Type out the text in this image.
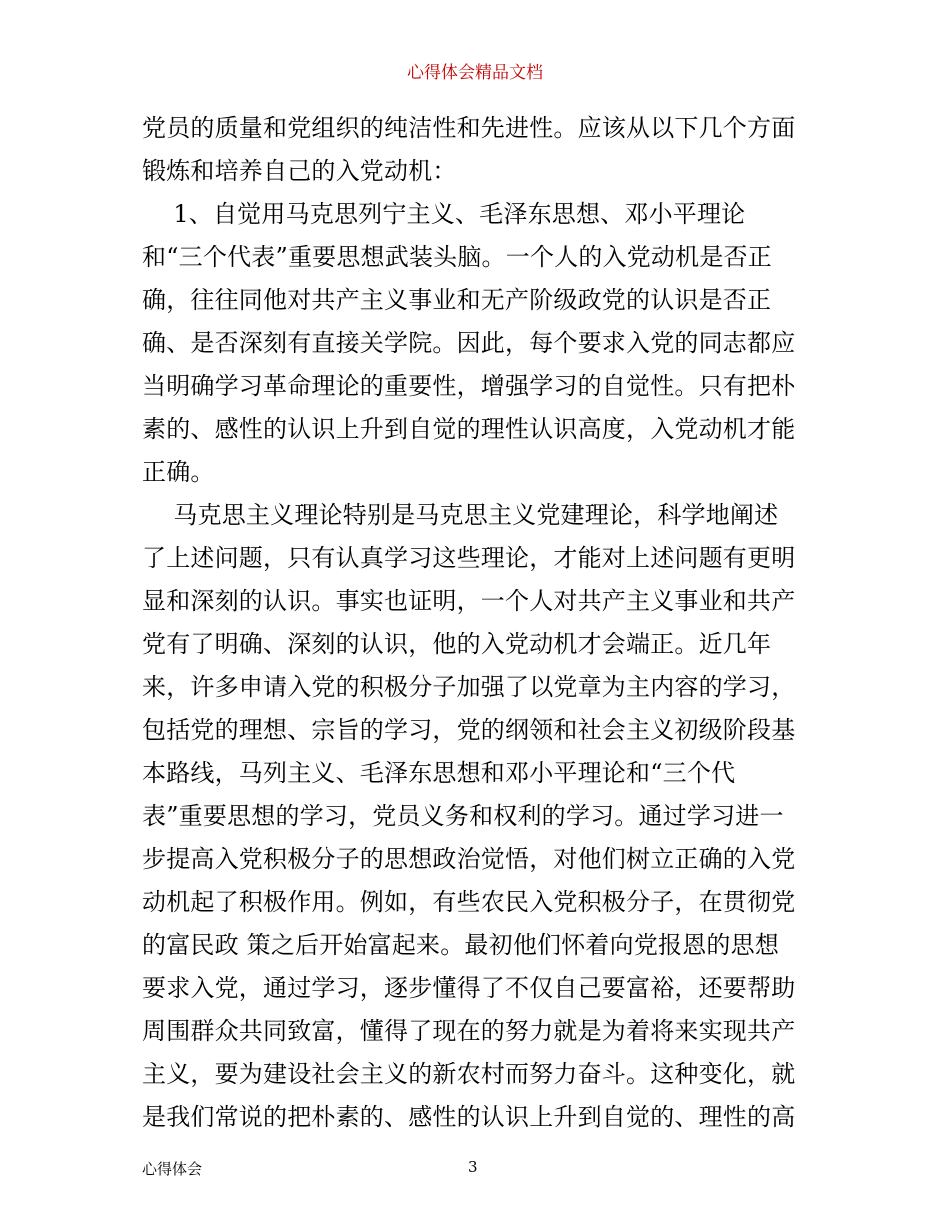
心得体会精品文档
党员的质量和党组织的纯洁性和先进性。应该从以下几个方面
锻炼和培养自己的入党动机：
1、自觉用马克思列宁主义、毛泽东思想、邓小平理论
和“三个代表”重要思想武装头脑。一个人的入党动机是否正
确，往往同他对共产主义事业和无产阶级政党的认识是否正
确、是否深刻有直接关学院。因此，每个要求入党的同志都应
当明确学习革命理论的重要性，增强学习的自觉性。只有把朴
素的、感性的认识上升到自觉的理性认识高度，入党动机才能
正确。
马克思主义理论特别是马克思主义党建理论，科学地阐述
了上述问题，只有认真学习这些理论，才能对上述问题有更明
显和深刻的认识。事实也证明，一个人对共产主义事业和共产
党有了明确、深刻的认识，他的入党动机才会端正。近几年
来，许多申请入党的积极分子加强了以党章为主内容的学习，
包括党的理想、宗旨的学习，党的纲领和社会主义初级阶段基
本路线，马列主义、毛泽东思想和邓小平理论和“三个代
表”重要思想的学习，党员义务和权利的学习。通过学习进一
步提高入党积极分子的思想政治觉悟，对他们树立正确的入党
动机起了积极作用。例如，有些农民入党积极分子，在贯彻党
的富民政 策之后开始富起来。最初他们怀着向党报恩的思想
要求入党，通过学习，逐步懂得了不仅自己要富裕，还要帮助
周围群众共同致富，懂得了现在的努力就是为着将来实现共产
主义，要为建设社会主义的新农村而努力奋斗。这种变化，就
是我们常说的把朴素的、感性的认识上升到自觉的、理性的高
心得体会	3
